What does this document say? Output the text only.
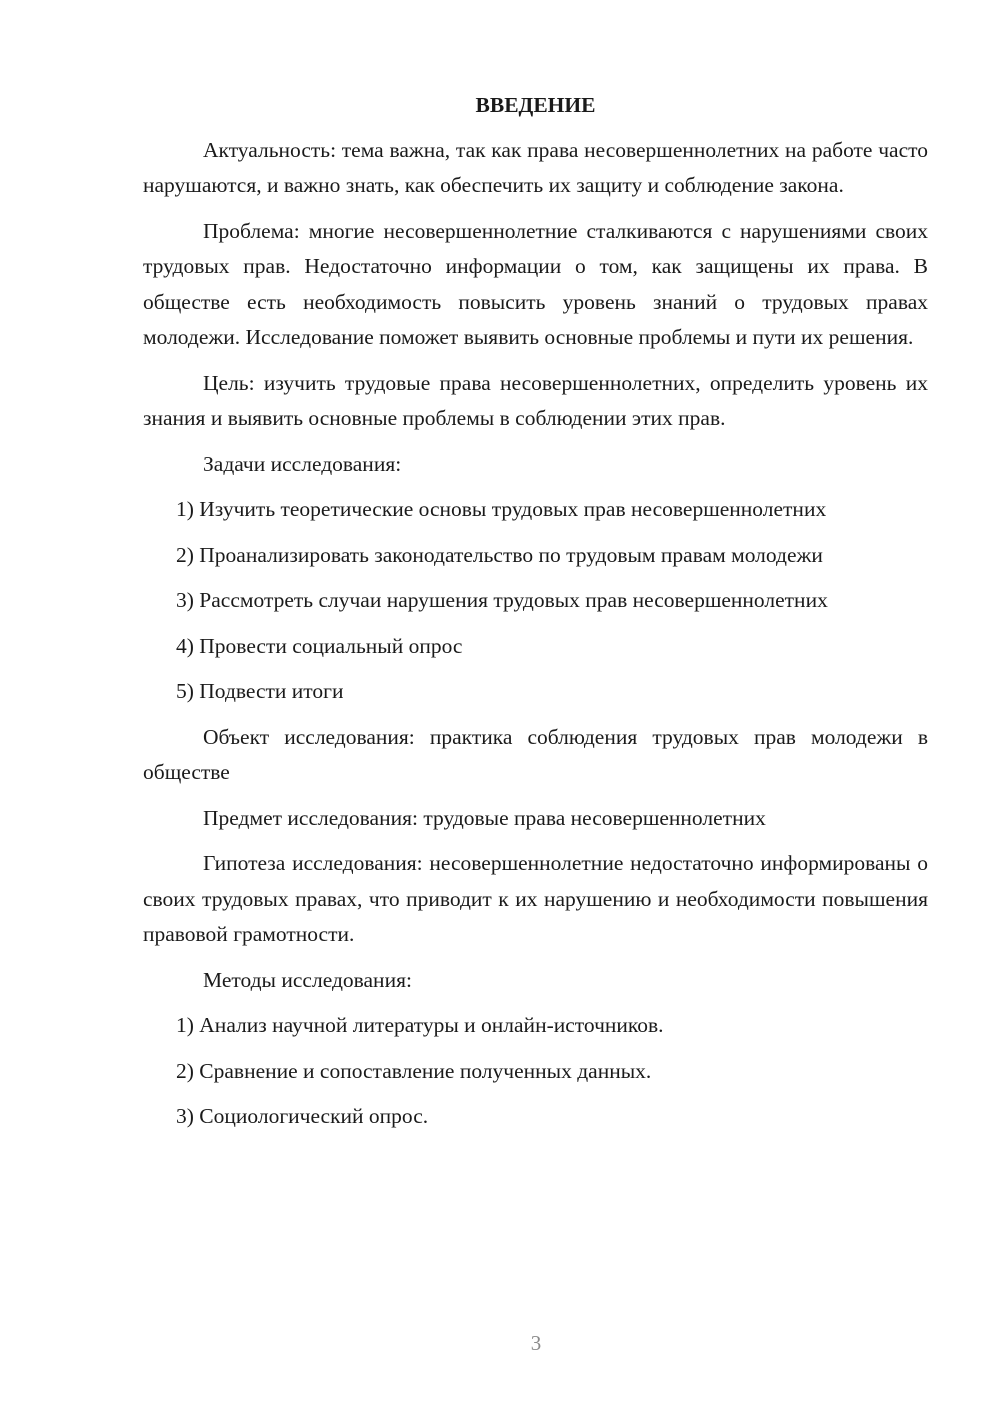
ВВЕДЕНИЕ

Актуальность: тема важна, так как права несовершеннолетних на работе часто нарушаются, и важно знать, как обеспечить их защиту и соблюдение закона.

Проблема: многие несовершеннолетние сталкиваются с нарушениями своих трудовых прав. Недостаточно информации о том, как защищены их права. В обществе есть необходимость повысить уровень знаний о трудовых правах молодежи. Исследование поможет выявить основные проблемы и пути их решения.

Цель: изучить трудовые права несовершеннолетних, определить уровень их знания и выявить основные проблемы в соблюдении этих прав.

Задачи исследования:

1) Изучить теоретические основы трудовых прав несовершеннолетних

2) Проанализировать законодательство по трудовым правам молодежи

3) Рассмотреть случаи нарушения трудовых прав несовершеннолетних

4) Провести социальный опрос

5) Подвести итоги

Объект исследования: практика соблюдения трудовых прав молодежи в обществе

Предмет исследования: трудовые права несовершеннолетних

Гипотеза исследования: несовершеннолетние недостаточно информированы о своих трудовых правах, что приводит к их нарушению и необходимости повышения правовой грамотности.

Методы исследования:

1) Анализ научной литературы и онлайн-источников.

2) Сравнение и сопоставление полученных данных.

3) Социологический опрос.

3
